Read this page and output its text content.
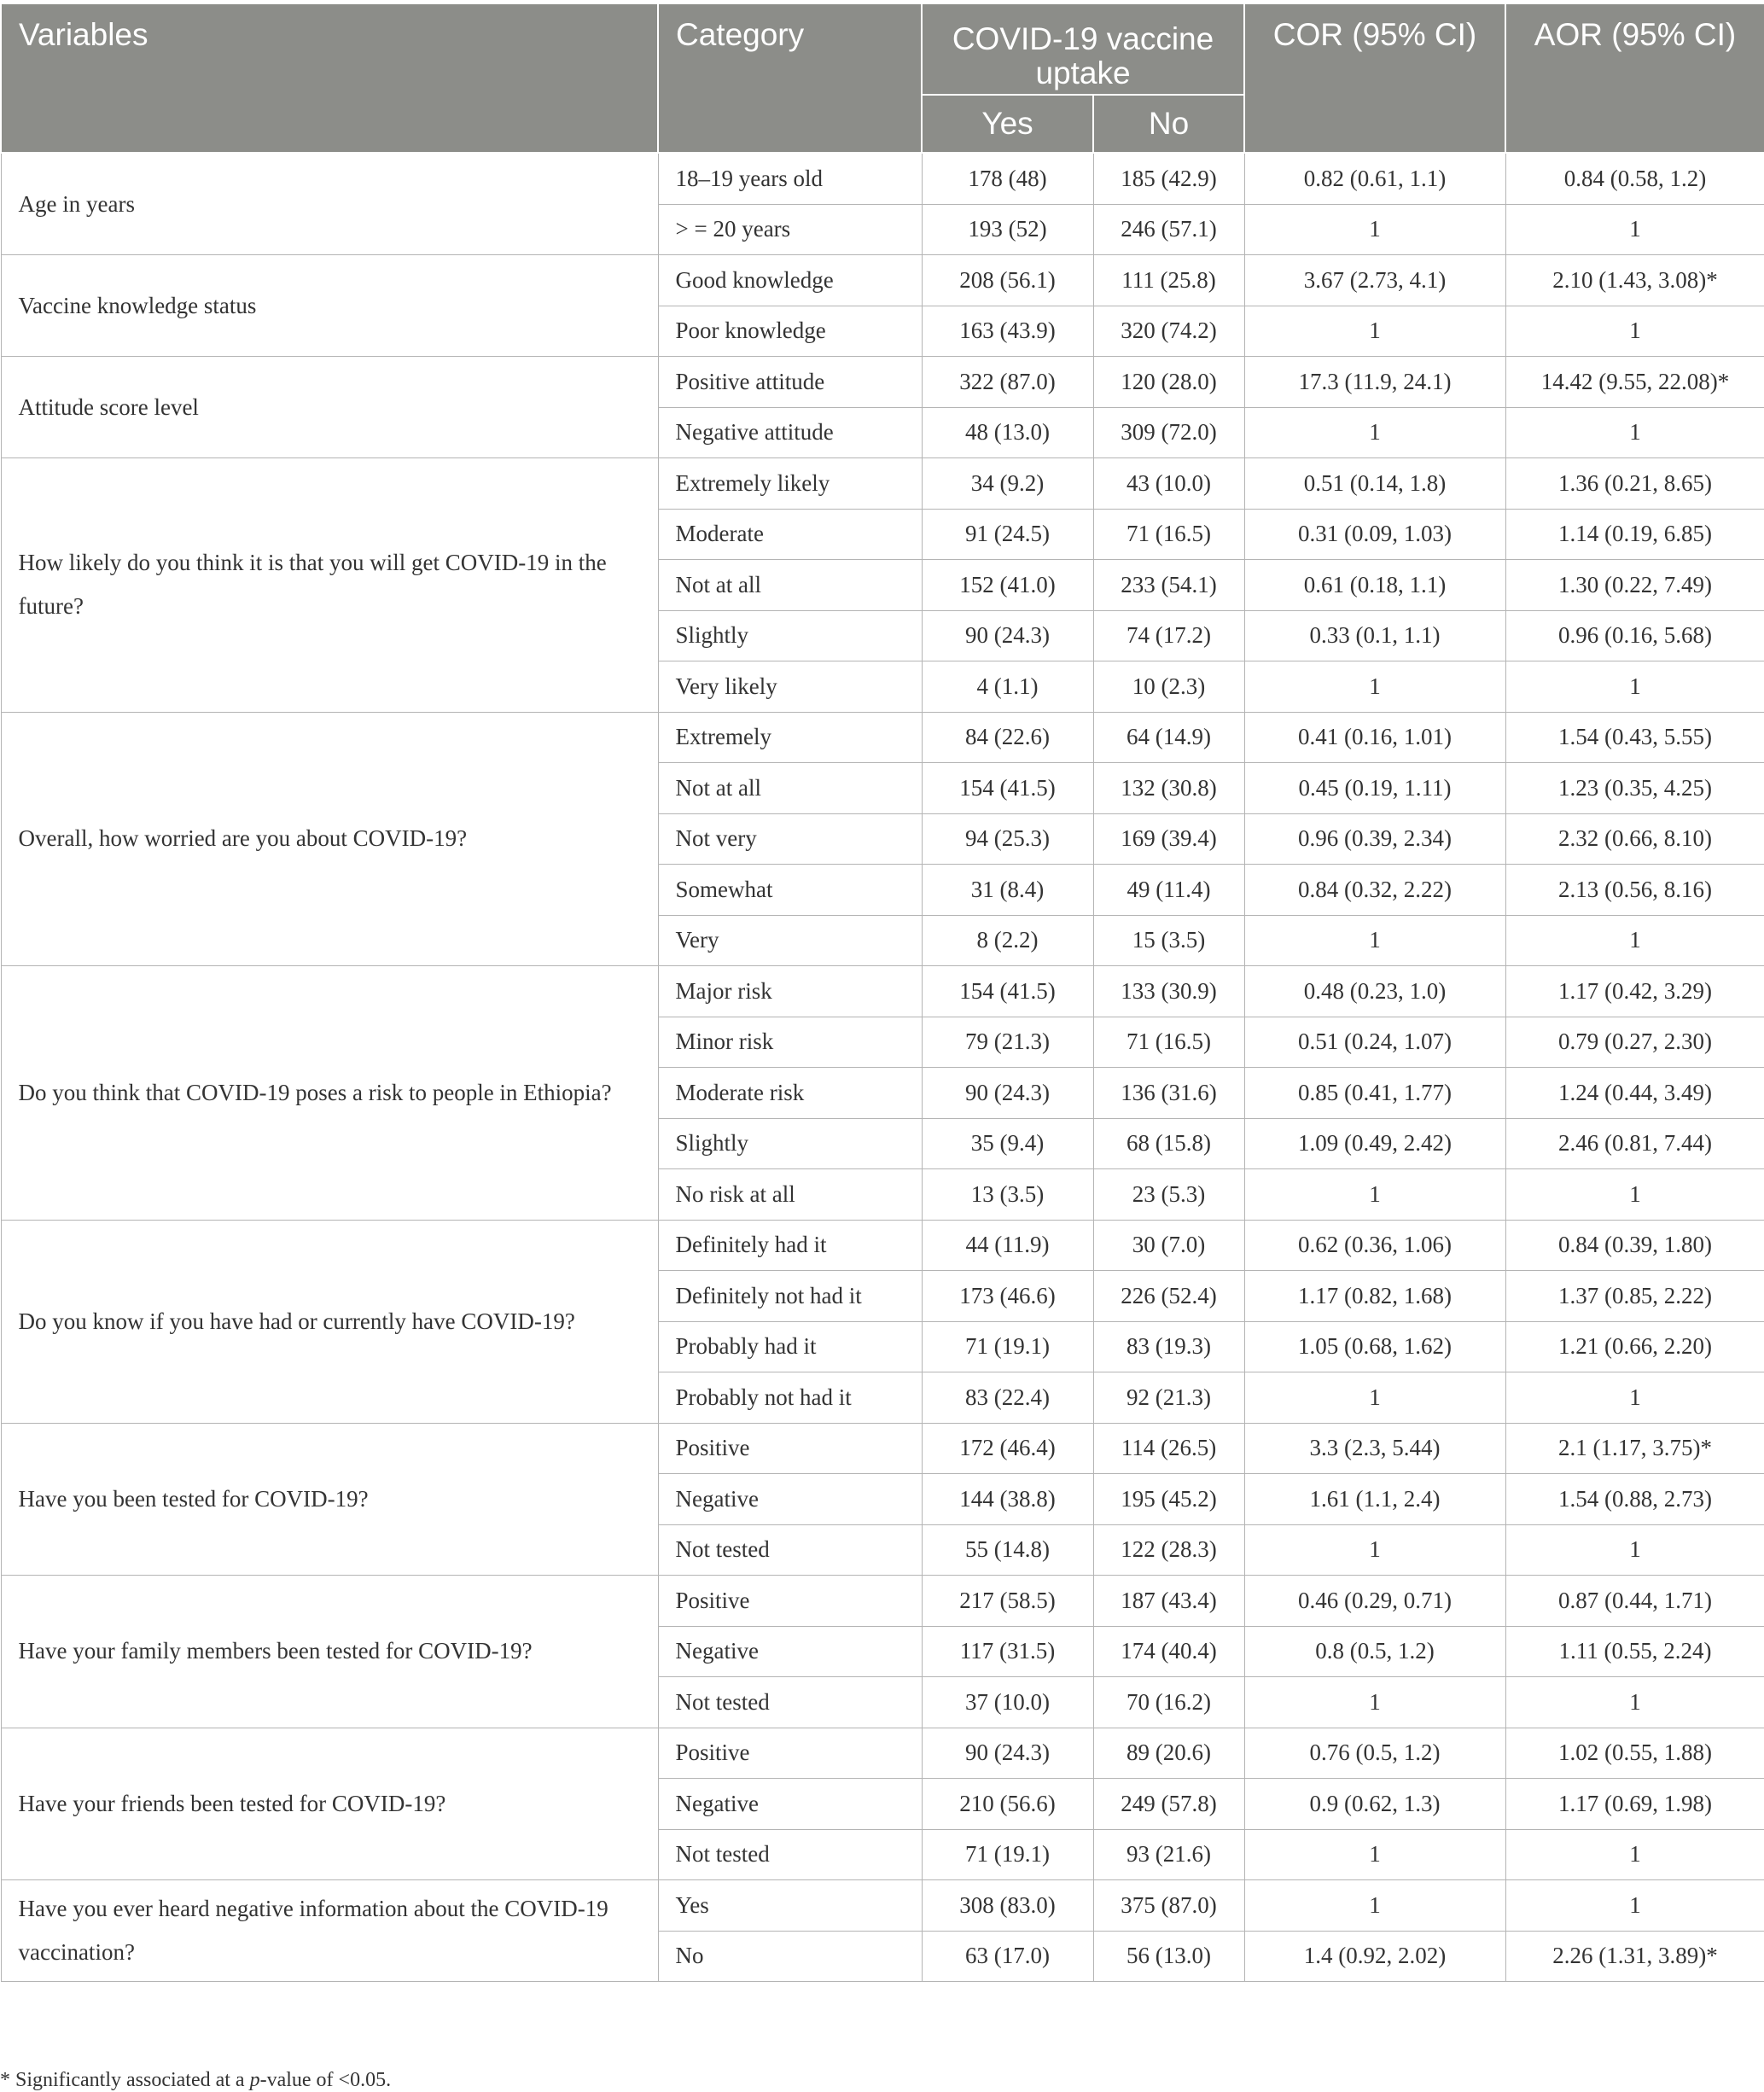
Variables	Category	COVID-19 vaccine uptake		COR (95% CI)	AOR (95% CI)
		Yes	No		
Age in years	18–19 years old	178 (48)	185 (42.9)	0.82 (0.61, 1.1)	0.84 (0.58, 1.2)
	> = 20 years	193 (52)	246 (57.1)	1	1
Vaccine knowledge status	Good knowledge	208 (56.1)	111 (25.8)	3.67 (2.73, 4.1)	2.10 (1.43, 3.08)*
	Poor knowledge	163 (43.9)	320 (74.2)	1	1
Attitude score level	Positive attitude	322 (87.0)	120 (28.0)	17.3 (11.9, 24.1)	14.42 (9.55, 22.08)*
	Negative attitude	48 (13.0)	309 (72.0)	1	1
How likely do you think it is that you will get COVID-19 in the future?	Extremely likely	34 (9.2)	43 (10.0)	0.51 (0.14, 1.8)	1.36 (0.21, 8.65)
	Moderate	91 (24.5)	71 (16.5)	0.31 (0.09, 1.03)	1.14 (0.19, 6.85)
	Not at all	152 (41.0)	233 (54.1)	0.61 (0.18, 1.1)	1.30 (0.22, 7.49)
	Slightly	90 (24.3)	74 (17.2)	0.33 (0.1, 1.1)	0.96 (0.16, 5.68)
	Very likely	4 (1.1)	10 (2.3)	1	1
Overall, how worried are you about COVID-19?	Extremely	84 (22.6)	64 (14.9)	0.41 (0.16, 1.01)	1.54 (0.43, 5.55)
	Not at all	154 (41.5)	132 (30.8)	0.45 (0.19, 1.11)	1.23 (0.35, 4.25)
	Not very	94 (25.3)	169 (39.4)	0.96 (0.39, 2.34)	2.32 (0.66, 8.10)
	Somewhat	31 (8.4)	49 (11.4)	0.84 (0.32, 2.22)	2.13 (0.56, 8.16)
	Very	8 (2.2)	15 (3.5)	1	1
Do you think that COVID-19 poses a risk to people in Ethiopia?	Major risk	154 (41.5)	133 (30.9)	0.48 (0.23, 1.0)	1.17 (0.42, 3.29)
	Minor risk	79 (21.3)	71 (16.5)	0.51 (0.24, 1.07)	0.79 (0.27, 2.30)
	Moderate risk	90 (24.3)	136 (31.6)	0.85 (0.41, 1.77)	1.24 (0.44, 3.49)
	Slightly	35 (9.4)	68 (15.8)	1.09 (0.49, 2.42)	2.46 (0.81, 7.44)
	No risk at all	13 (3.5)	23 (5.3)	1	1
Do you know if you have had or currently have COVID-19?	Definitely had it	44 (11.9)	30 (7.0)	0.62 (0.36, 1.06)	0.84 (0.39, 1.80)
	Definitely not had it	173 (46.6)	226 (52.4)	1.17 (0.82, 1.68)	1.37 (0.85, 2.22)
	Probably had it	71 (19.1)	83 (19.3)	1.05 (0.68, 1.62)	1.21 (0.66, 2.20)
	Probably not had it	83 (22.4)	92 (21.3)	1	1
Have you been tested for COVID-19?	Positive	172 (46.4)	114 (26.5)	3.3 (2.3, 5.44)	2.1 (1.17, 3.75)*
	Negative	144 (38.8)	195 (45.2)	1.61 (1.1, 2.4)	1.54 (0.88, 2.73)
	Not tested	55 (14.8)	122 (28.3)	1	1
Have your family members been tested for COVID-19?	Positive	217 (58.5)	187 (43.4)	0.46 (0.29, 0.71)	0.87 (0.44, 1.71)
	Negative	117 (31.5)	174 (40.4)	0.8 (0.5, 1.2)	1.11 (0.55, 2.24)
	Not tested	37 (10.0)	70 (16.2)	1	1
Have your friends been tested for COVID-19?	Positive	90 (24.3)	89 (20.6)	0.76 (0.5, 1.2)	1.02 (0.55, 1.88)
	Negative	210 (56.6)	249 (57.8)	0.9 (0.62, 1.3)	1.17 (0.69, 1.98)
	Not tested	71 (19.1)	93 (21.6)	1	1
Have you ever heard negative information about the COVID-19 vaccination?	Yes	308 (83.0)	375 (87.0)	1	1
	No	63 (17.0)	56 (13.0)	1.4 (0.92, 2.02)	2.26 (1.31, 3.89)*
* Significantly associated at a p-value of <0.05.
